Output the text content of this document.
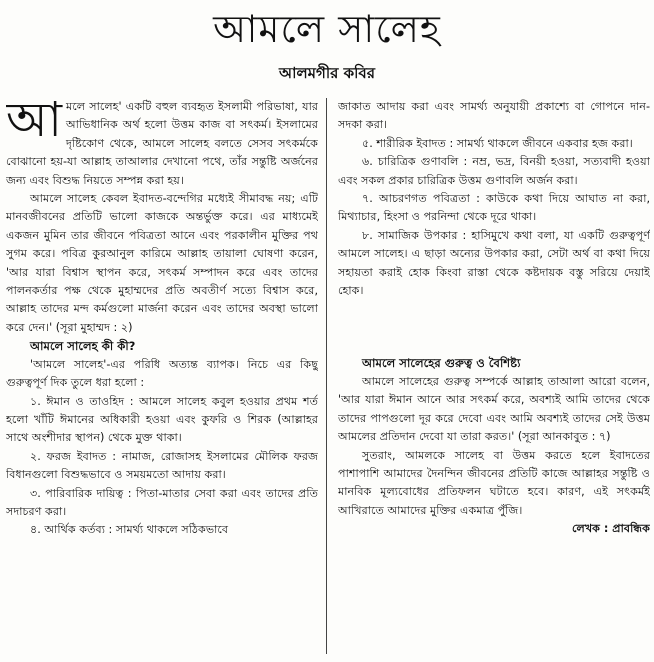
আমলে সালেহ
আলমগীর কবির

আমলে সালেহ' একটি বহুল ব্যবহৃত ইসলামী পরিভাষা, যার আভিধানিক অর্থ হলো উত্তম কাজ বা সৎকর্ম। ইসলামের দৃষ্টিকোণ থেকে, আমলে সালেহ বলতে সেসব সৎকর্মকে বোঝানো হয়-যা আল্লাহ তাআলার দেখানো পথে, তাঁর সন্তুষ্টি অর্জনের জন্য এবং বিশুদ্ধ নিয়তে সম্পন্ন করা হয়।

আমলে সালেহ কেবল ইবাদত-বন্দেগির মধ্যেই সীমাবদ্ধ নয়; এটি মানবজীবনের প্রতিটি ভালো কাজকে অন্তর্ভুক্ত করে। এর মাধ্যমেই একজন মুমিন তার জীবনে পবিত্রতা আনে এবং পরকালীন মুক্তির পথ সুগম করে। পবিত্র কুরআনুল কারিমে আল্লাহ তায়ালা ঘোষণা করেন, 'আর যারা বিশ্বাস স্থাপন করে, সৎকর্ম সম্পাদন করে এবং তাদের পালনকর্তার পক্ষ থেকে মুহাম্মদের প্রতি অবতীর্ণ সত্যে বিশ্বাস করে, আল্লাহ তাদের মন্দ কর্মগুলো মার্জনা করেন এবং তাদের অবস্থা ভালো করে দেন।' (সূরা মুহাম্মদ : ২)

আমলে সালেহ কী কী?

'আমলে সালেহ'-এর পরিধি অত্যন্ত ব্যাপক। নিচে এর কিছু গুরুত্বপূর্ণ দিক তুলে ধরা হলো :

১. ঈমান ও তাওহিদ : আমলে সালেহ কবুল হওয়ার প্রথম শর্ত হলো খাঁটি ঈমানের অধিকারী হওয়া এবং কুফরি ও শিরক (আল্লাহর সাথে অংশীদার স্থাপন) থেকে মুক্ত থাকা।

২. ফরজ ইবাদত : নামাজ, রোজাসহ ইসলামের মৌলিক ফরজ বিধানগুলো বিশুদ্ধভাবে ও সময়মতো আদায় করা।

৩. পারিবারিক দায়িত্ব : পিতা-মাতার সেবা করা এবং তাদের প্রতি সদাচরণ করা।

৪. আর্থিক কর্তব্য : সামর্থ্য থাকলে সঠিকভাবে

জাকাত আদায় করা এবং সামর্থ্য অনুযায়ী প্রকাশ্যে বা গোপনে দান-সদকা করা।

৫. শারীরিক ইবাদত : সামর্থ্য থাকলে জীবনে একবার হজ করা।

৬. চারিত্রিক গুণাবলি : নম্র, ভদ্র, বিনয়ী হওয়া, সত্যবাদী হওয়া এবং সকল প্রকার চারিত্রিক উত্তম গুণাবলি অর্জন করা।

৭. আচরণগত পবিত্রতা : কাউকে কথা দিয়ে আঘাত না করা, মিথ্যাচার, হিংসা ও পরনিন্দা থেকে দূরে থাকা।

৮. সামাজিক উপকার : হাসিমুখে কথা বলা, যা একটি গুরুত্বপূর্ণ আমলে সালেহ। এ ছাড়া অন্যের উপকার করা, সেটা অর্থ বা কথা দিয়ে সহায়তা করাই হোক কিংবা রাস্তা থেকে কষ্টদায়ক বস্তু সরিয়ে দেয়াই হোক।

আমলে সালেহের গুরুত্ব ও বৈশিষ্ট্য

আমলে সালেহের গুরুত্ব সম্পর্কে আল্লাহ তাআলা আরো বলেন, 'আর যারা ঈমান আনে আর সৎকর্ম করে, অবশ্যই আমি তাদের থেকে তাদের পাপগুলো দূর করে দেবো এবং আমি অবশ্যই তাদের সেই উত্তম আমলের প্রতিদান দেবো যা তারা করত।' (সূরা আনকাবুত : ৭)

সুতরাং, আমলকে সালেহ বা উত্তম করতে হলে ইবাদতের পাশাপাশি আমাদের দৈনন্দিন জীবনের প্রতিটি কাজে আল্লাহর সন্তুষ্টি ও মানবিক মূল্যবোধের প্রতিফলন ঘটাতে হবে। কারণ, এই সৎকর্মই আখিরাতে আমাদের মুক্তির একমাত্র পুঁজি।

লেখক : প্রাবন্ধিক
